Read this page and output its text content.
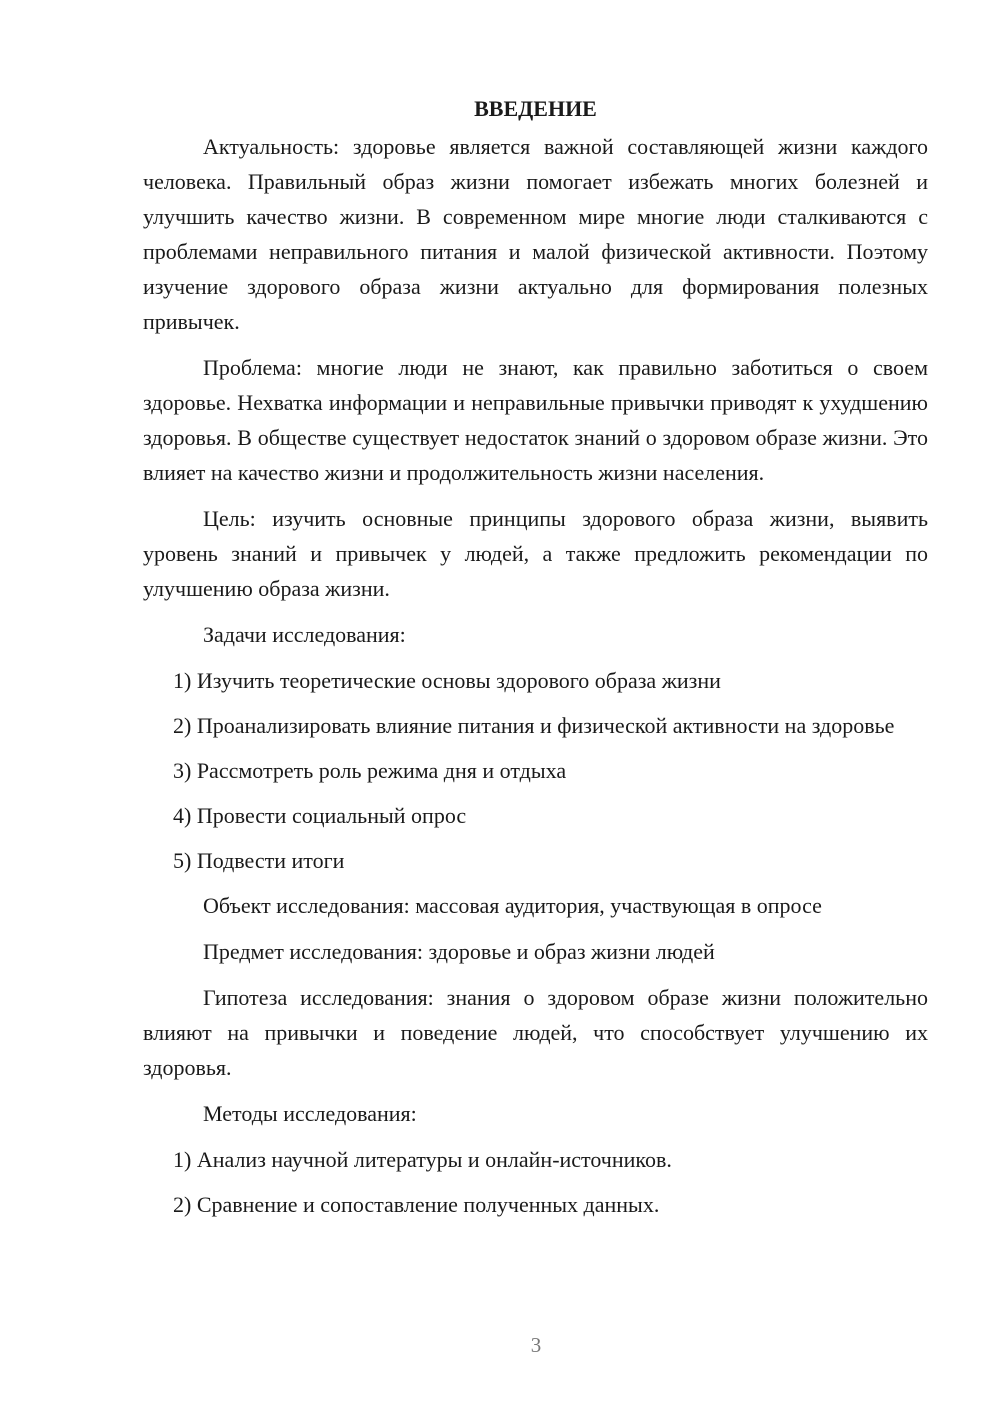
ВВЕДЕНИЕ

Актуальность: здоровье является важной составляющей жизни каждого человека. Правильный образ жизни помогает избежать многих болезней и улучшить качество жизни. В современном мире многие люди сталкиваются с проблемами неправильного питания и малой физической активности. Поэтому изучение здорового образа жизни актуально для формирования полезных привычек.

Проблема: многие люди не знают, как правильно заботиться о своем здоровье. Нехватка информации и неправильные привычки приводят к ухудшению здоровья. В обществе существует недостаток знаний о здоровом образе жизни. Это влияет на качество жизни и продолжительность жизни населения.

Цель: изучить основные принципы здорового образа жизни, выявить уровень знаний и привычек у людей, а также предложить рекомендации по улучшению образа жизни.

Задачи исследования:

1) Изучить теоретические основы здорового образа жизни

2) Проанализировать влияние питания и физической активности на здоровье

3) Рассмотреть роль режима дня и отдыха

4) Провести социальный опрос

5) Подвести итоги

Объект исследования: массовая аудитория, участвующая в опросе

Предмет исследования: здоровье и образ жизни людей

Гипотеза исследования: знания о здоровом образе жизни положительно влияют на привычки и поведение людей, что способствует улучшению их здоровья.

Методы исследования:

1) Анализ научной литературы и онлайн-источников.

2) Сравнение и сопоставление полученных данных.

3
